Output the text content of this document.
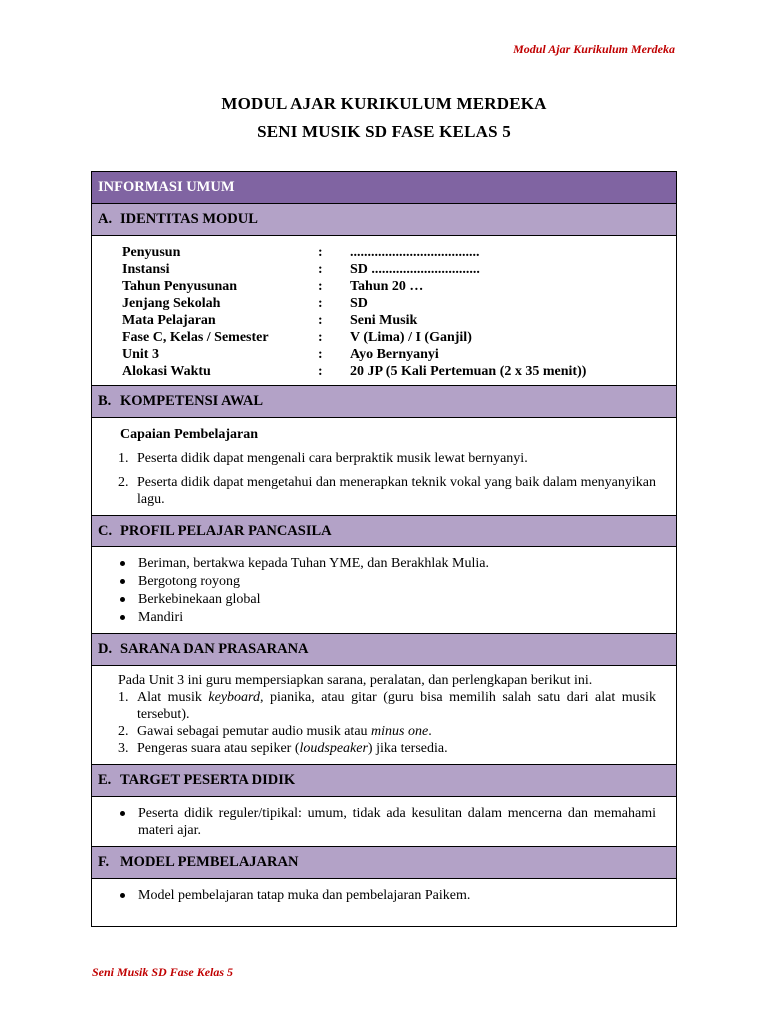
Modul Ajar Kurikulum Merdeka
MODUL AJAR KURIKULUM MERDEKA
SENI MUSIK SD FASE KELAS 5
INFORMASI UMUM
A. IDENTITAS MODUL
Penyusun	: .....................................
Instansi	: SD ...............................
Tahun Penyusunan	: Tahun 20 …
Jenjang Sekolah	: SD
Mata Pelajaran	: Seni Musik
Fase C, Kelas / Semester	: V (Lima) / I (Ganjil)
Unit 3	: Ayo Bernyanyi
Alokasi Waktu	: 20 JP (5 Kali Pertemuan (2 x 35 menit))
B. KOMPETENSI AWAL
Capaian Pembelajaran
1. Peserta didik dapat mengenali cara berpraktik musik lewat bernyanyi.
2. Peserta didik dapat mengetahui dan menerapkan teknik vokal yang baik dalam menyanyikan lagu.
C. PROFIL PELAJAR PANCASILA
Beriman, bertakwa kepada Tuhan YME, dan Berakhlak Mulia.
Bergotong royong
Berkebinekaan global
Mandiri
D. SARANA DAN PRASARANA
Pada Unit 3 ini guru mempersiapkan sarana, peralatan, dan perlengkapan berikut ini.
1. Alat musik keyboard, pianika, atau gitar (guru bisa memilih salah satu dari alat musik tersebut).
2. Gawai sebagai pemutar audio musik atau minus one.
3. Pengeras suara atau sepiker (loudspeaker) jika tersedia.
E. TARGET PESERTA DIDIK
Peserta didik reguler/tipikal: umum, tidak ada kesulitan dalam mencerna dan memahami materi ajar.
F. MODEL PEMBELAJARAN
Model pembelajaran tatap muka dan pembelajaran Paikem.
Seni Musik SD Fase Kelas 5
